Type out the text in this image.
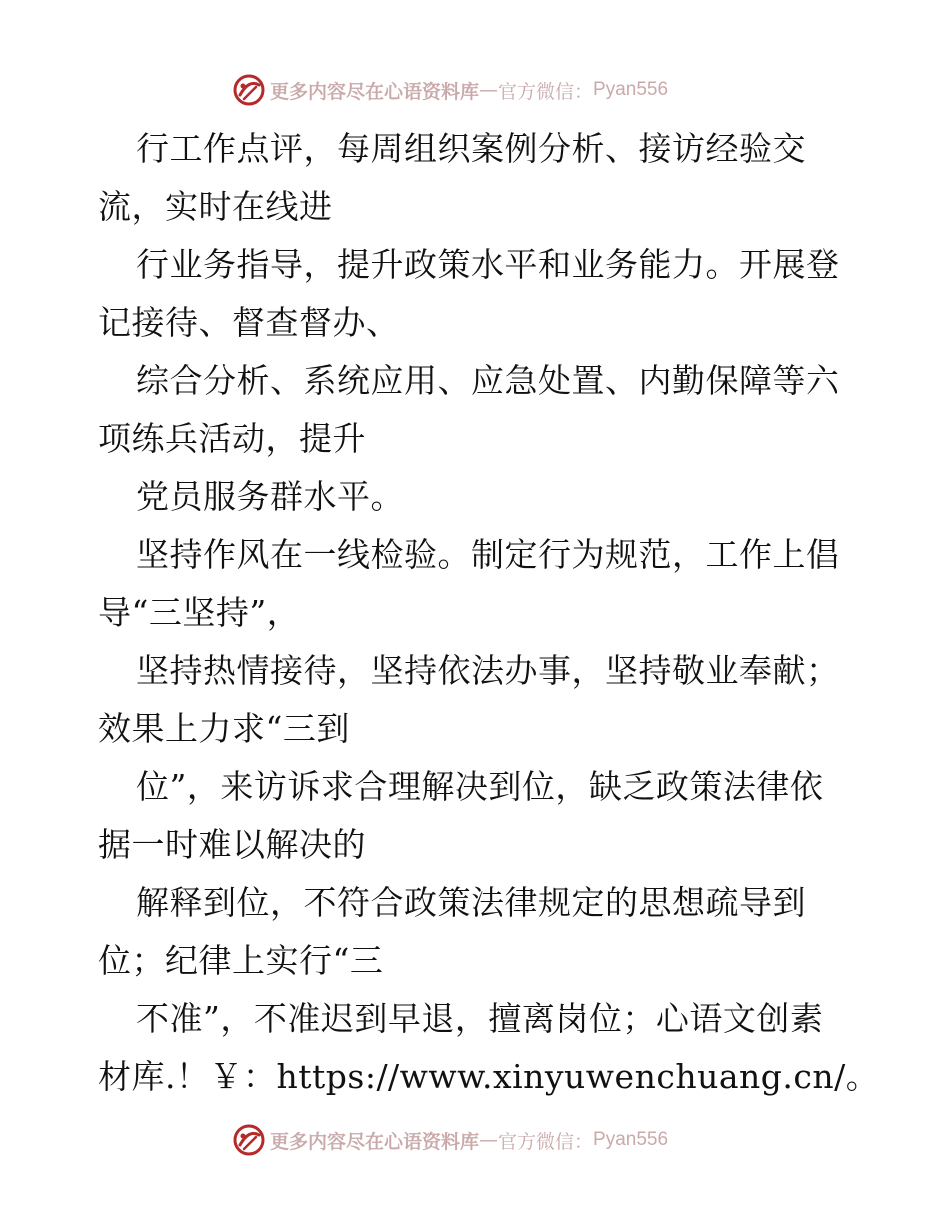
更多内容尽在心语资料库 — 官方微信： Pyan556
行工作点评，每周组织案例分析、接访经验交
流，实时在线进
行业务指导，提升政策水平和业务能力。开展登
记接待、督查督办、
综合分析、系统应用、应急处置、内勤保障等六
项练兵活动，提升
党员服务群水平。
坚持作风在一线检验。制定行为规范，工作上倡
导“三坚持”，
坚持热情接待，坚持依法办事，坚持敬业奉献；
效果上力求“三到
位”，来访诉求合理解决到位，缺乏政策法律依
据一时难以解决的
解释到位，不符合政策法律规定的思想疏导到
位；纪律上实行“三
不准”，不准迟到早退，擅离岗位；心语文创素
材库.！￥：https://www.xinyuwenchuang.cn/。
更多内容尽在心语资料库 — 官方微信： Pyan556
